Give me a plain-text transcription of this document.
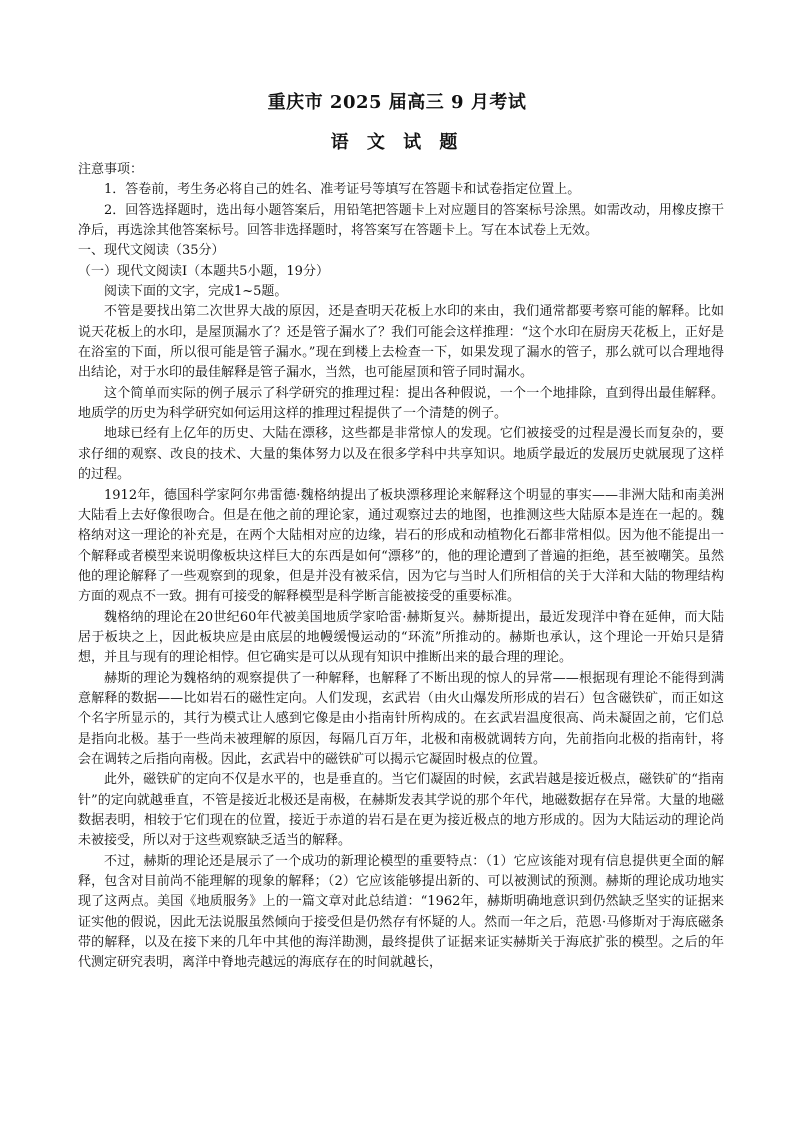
重庆市 2025 届高三 9 月考试
语 文 试 题

注意事项：

1．答卷前，考生务必将自己的姓名、准考证号等填写在答题卡和试卷指定位置上。

2．回答选择题时，选出每小题答案后，用铅笔把答题卡上对应题目的答案标号涂黑。如需改动，用橡皮擦干净后，再选涂其他答案标号。回答非选择题时，将答案写在答题卡上。写在本试卷上无效。

一、现代文阅读（35分）

（一）现代文阅读Ⅰ（本题共5小题，19分）

阅读下面的文字，完成1~5题。

不管是要找出第二次世界大战的原因，还是查明天花板上水印的来由，我们通常都要考察可能的解释。比如说天花板上的水印，是屋顶漏水了？还是管子漏水了？我们可能会这样推理：“这个水印在厨房天花板上，正好是在浴室的下面，所以很可能是管子漏水。”现在到楼上去检查一下，如果发现了漏水的管子，那么就可以合理地得出结论，对于水印的最佳解释是管子漏水，当然，也可能屋顶和管子同时漏水。

这个简单而实际的例子展示了科学研究的推理过程：提出各种假说，一个一个地排除，直到得出最佳解释。地质学的历史为科学研究如何运用这样的推理过程提供了一个清楚的例子。

地球已经有上亿年的历史、大陆在漂移，这些都是非常惊人的发现。它们被接受的过程是漫长而复杂的，要求仔细的观察、改良的技术、大量的集体努力以及在很多学科中共享知识。地质学最近的发展历史就展现了这样的过程。

1912年，德国科学家阿尔弗雷德·魏格纳提出了板块漂移理论来解释这个明显的事实——非洲大陆和南美洲大陆看上去好像很吻合。但是在他之前的理论家，通过观察过去的地图，也推测这些大陆原本是连在一起的。魏格纳对这一理论的补充是，在两个大陆相对应的边缘，岩石的形成和动植物化石都非常相似。因为他不能提出一个解释或者模型来说明像板块这样巨大的东西是如何“漂移”的，他的理论遭到了普遍的拒绝，甚至被嘲笑。虽然他的理论解释了一些观察到的现象，但是并没有被采信，因为它与当时人们所相信的关于大洋和大陆的物理结构方面的观点不一致。拥有可接受的解释模型是科学断言能被接受的重要标准。

魏格纳的理论在20世纪60年代被美国地质学家哈雷·赫斯复兴。赫斯提出，最近发现洋中脊在延伸，而大陆居于板块之上，因此板块应是由底层的地幔缓慢运动的“环流”所推动的。赫斯也承认，这个理论一开始只是猜想，并且与现有的理论相悖。但它确实是可以从现有知识中推断出来的最合理的理论。

赫斯的理论为魏格纳的观察提供了一种解释，也解释了不断出现的惊人的异常——根据现有理论不能得到满意解释的数据——比如岩石的磁性定向。人们发现，玄武岩（由火山爆发所形成的岩石）包含磁铁矿，而正如这个名字所显示的，其行为模式让人感到它像是由小指南针所构成的。在玄武岩温度很高、尚未凝固之前，它们总是指向北极。基于一些尚未被理解的原因，每隔几百万年，北极和南极就调转方向，先前指向北极的指南针，将会在调转之后指向南极。因此，玄武岩中的磁铁矿可以揭示它凝固时极点的位置。

此外，磁铁矿的定向不仅是水平的，也是垂直的。当它们凝固的时候，玄武岩越是接近极点，磁铁矿的“指南针”的定向就越垂直，不管是接近北极还是南极，在赫斯发表其学说的那个年代，地磁数据存在异常。大量的地磁数据表明，相较于它们现在的位置，接近于赤道的岩石是在更为接近极点的地方形成的。因为大陆运动的理论尚未被接受，所以对于这些观察缺乏适当的解释。

不过，赫斯的理论还是展示了一个成功的新理论模型的重要特点：（1）它应该能对现有信息提供更全面的解释，包含对目前尚不能理解的现象的解释；（2）它应该能够提出新的、可以被测试的预测。赫斯的理论成功地实现了这两点。美国《地质服务》上的一篇文章对此总结道：“1962年，赫斯明确地意识到仍然缺乏坚实的证据来证实他的假说，因此无法说服虽然倾向于接受但是仍然存有怀疑的人。然而一年之后，范恩·马修斯对于海底磁条带的解释，以及在接下来的几年中其他的海洋勘测，最终提供了证据来证实赫斯关于海底扩张的模型。之后的年代测定研究表明，离洋中脊地壳越远的海底存在的时间就越长，
